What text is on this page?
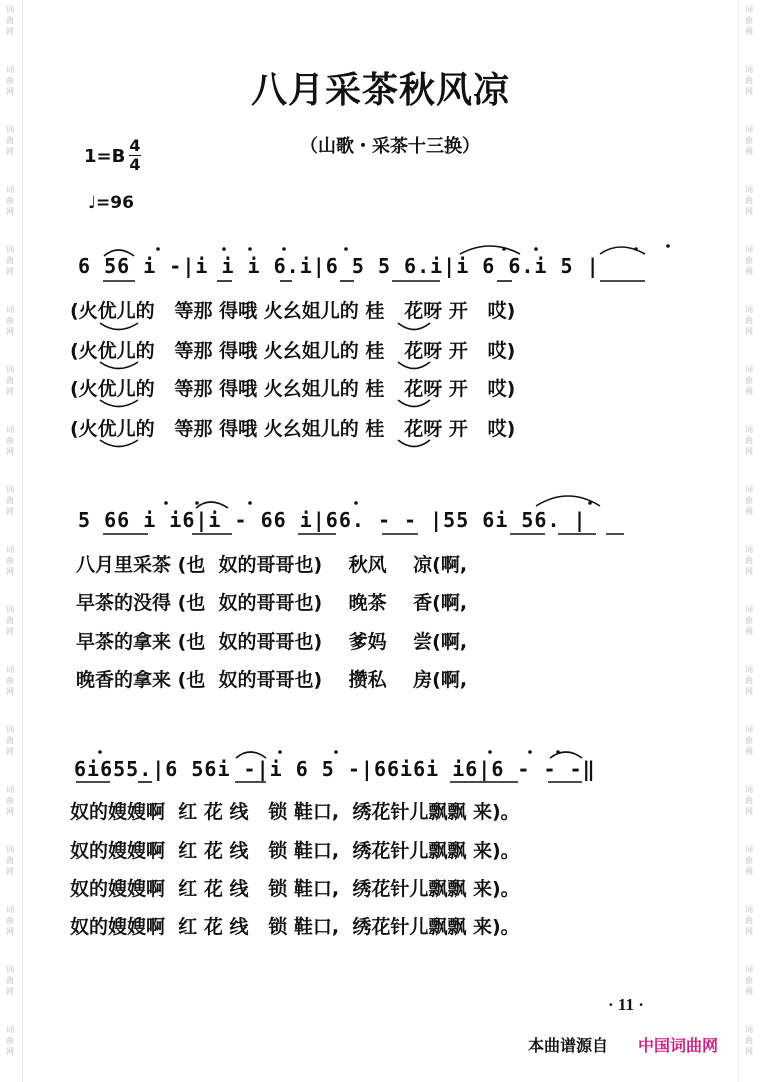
词
曲
网
词
曲
网
词
曲
网
词
曲
网
词
曲
网
词
曲
网
词
曲
网
词
曲
网
词
曲
网
词
曲
网
词
曲
网
词
曲
网
词
曲
网
词
曲
网
词
曲
网
词
曲
网
词
曲
网
词
曲
网
词
曲
网
词
曲
网
词
曲
网
词
曲
网
词
曲
网
词
曲
网
词
曲
网
词
曲
网
词
曲
网
词
曲
网
词
曲
网
词
曲
网
词
曲
网
词
曲
网
词
曲
网
词
曲
网
词
曲
网
词
曲
网
八月采茶秋风凉
（山歌・采茶十三换）
1=B
4
4
♩=96
6 56 i -|i i i 6.i|6 5 5 6.i|i 6 6.i 5 |
(火优儿的   等那 得哦 火幺姐儿的 桂   花呀 开   哎)
(火优儿的   等那 得哦 火幺姐儿的 桂   花呀 开   哎)
(火优儿的   等那 得哦 火幺姐儿的 桂   花呀 开   哎)
(火优儿的   等那 得哦 火幺姐儿的 桂   花呀 开   哎)
5 66 i i6|i - 66 i|66. - - |55 6i 56. |
八月里采茶 (也  奴的哥哥也)    秋风    凉(啊,
早茶的没得 (也  奴的哥哥也)    晚茶    香(啊,
早茶的拿来 (也  奴的哥哥也)    爹妈    尝(啊,
晚香的拿来 (也  奴的哥哥也)    攒私    房(啊,
6i655.|6 56i -|i 6 5 -|66i6i i6|6 - - -‖
奴的嫂嫂啊  红 花 线   锁 鞋口,  绣花针儿飘飘 来)。
奴的嫂嫂啊  红 花 线   锁 鞋口,  绣花针儿飘飘 来)。
奴的嫂嫂啊  红 花 线   锁 鞋口,  绣花针儿飘飘 来)。
奴的嫂嫂啊  红 花 线   锁 鞋口,  绣花针儿飘飘 来)。
· 11 ·
本曲谱源自 中国词曲网
